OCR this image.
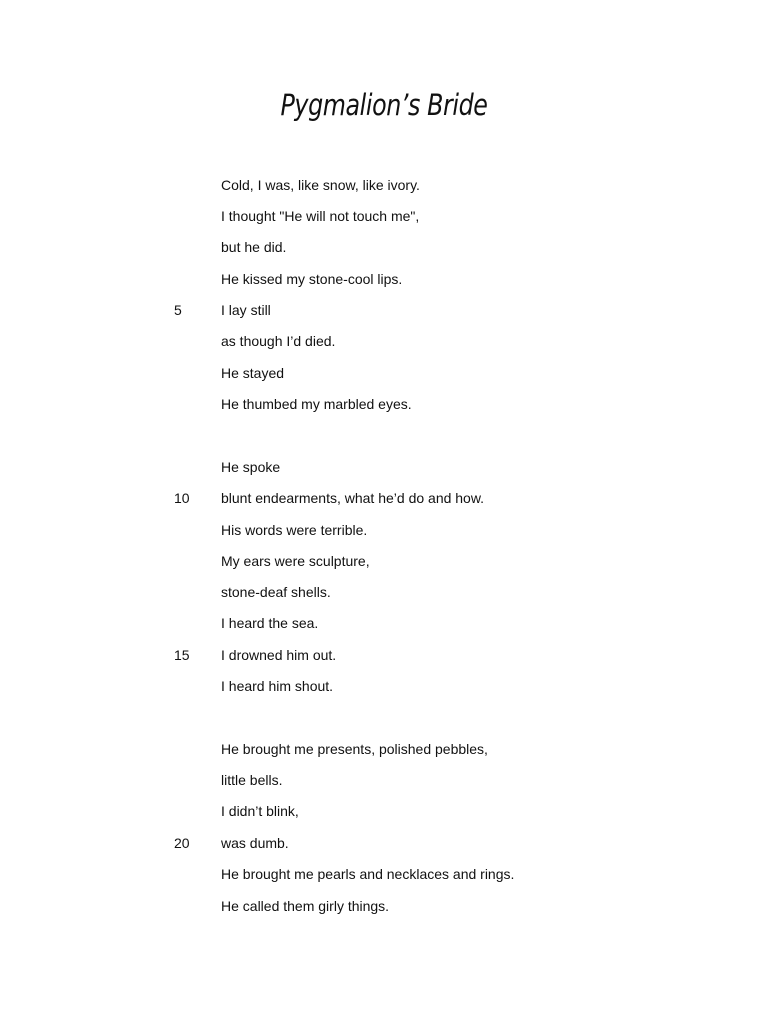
Pygmalion’s Bride
Cold, I was, like snow, like ivory.
I thought "He will not touch me",
but he did.
He kissed my stone-cool lips.
5	I lay still
as though I’d died.
He stayed
He thumbed my marbled eyes.
He spoke
10 blunt endearments, what he’d do and how.
His words were terrible.
My ears were sculpture,
stone-deaf shells.
I heard the sea.
15 I drowned him out.
I heard him shout.
He brought me presents, polished pebbles,
little bells.
I didn’t blink,
20 was dumb.
He brought me pearls and necklaces and rings.
He called them girly things.
